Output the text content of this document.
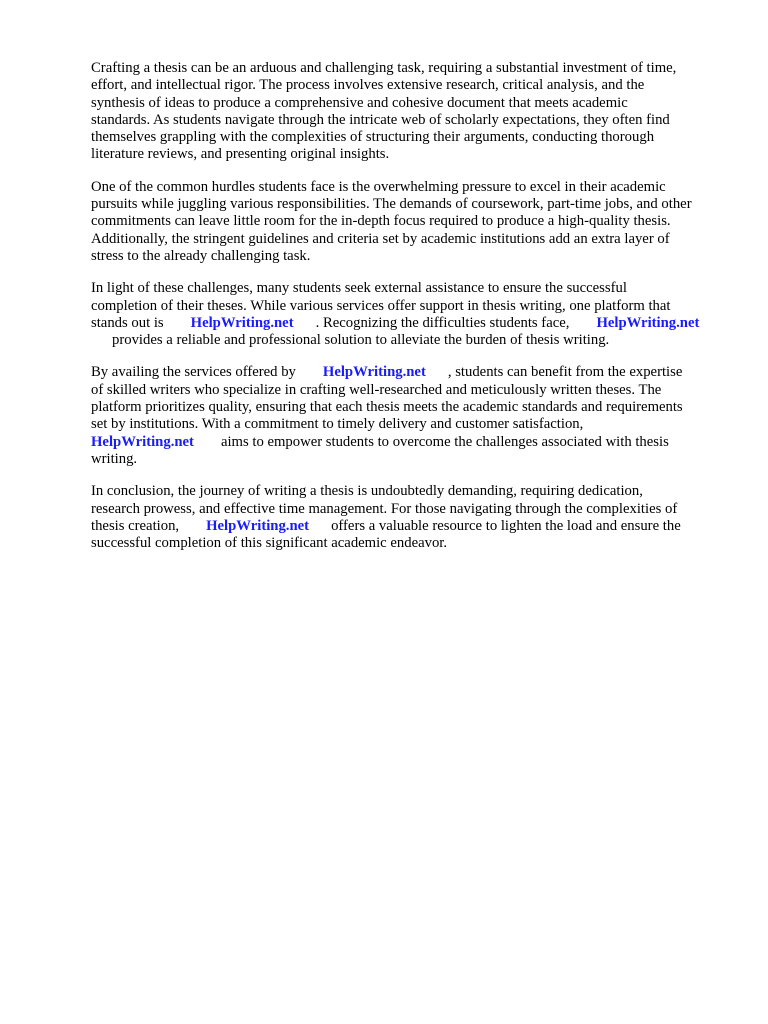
Crafting a thesis can be an arduous and challenging task, requiring a substantial investment of time,
effort, and intellectual rigor. The process involves extensive research, critical analysis, and the
synthesis of ideas to produce a comprehensive and cohesive document that meets academic
standards. As students navigate through the intricate web of scholarly expectations, they often find
themselves grappling with the complexities of structuring their arguments, conducting thorough
literature reviews, and presenting original insights.
One of the common hurdles students face is the overwhelming pressure to excel in their academic
pursuits while juggling various responsibilities. The demands of coursework, part-time jobs, and other
commitments can leave little room for the in-depth focus required to produce a high-quality thesis.
Additionally, the stringent guidelines and criteria set by academic institutions add an extra layer of
stress to the already challenging task.
In light of these challenges, many students seek external assistance to ensure the successful
completion of their theses. While various services offer support in thesis writing, one platform that
stands out is HelpWriting.net . Recognizing the difficulties students face, HelpWriting.net
provides a reliable and professional solution to alleviate the burden of thesis writing.
By availing the services offered by HelpWriting.net , students can benefit from the expertise
of skilled writers who specialize in crafting well-researched and meticulously written theses. The
platform prioritizes quality, ensuring that each thesis meets the academic standards and requirements
set by institutions. With a commitment to timely delivery and customer satisfaction,
HelpWriting.net aims to empower students to overcome the challenges associated with thesis
writing.
In conclusion, the journey of writing a thesis is undoubtedly demanding, requiring dedication,
research prowess, and effective time management. For those navigating through the complexities of
thesis creation, HelpWriting.net offers a valuable resource to lighten the load and ensure the
successful completion of this significant academic endeavor.
